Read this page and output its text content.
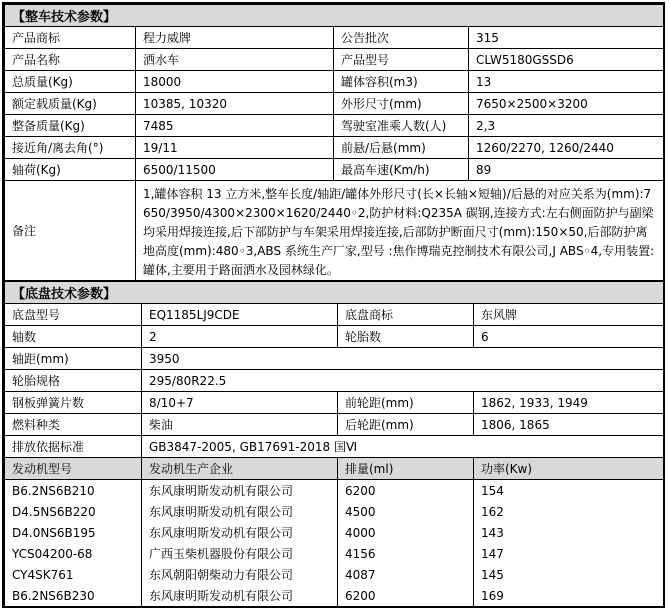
【整车技术参数】			
产品商标	程力威牌	公告批次	315
产品名称	洒水车	产品型号	CLW5180GSSD6
总质量(Kg)	18000	罐体容积(m3)	13
额定载质量(Kg)	10385, 10320	外形尺寸(mm)	7650×2500×3200
整备质量(Kg)	7485	驾驶室准乘人数(人)	2,3
接近角/离去角(°)	19/11	前悬/后悬(mm)	1260/2270, 1260/2440
轴荷(Kg)	6500/11500	最高车速(Km/h)	89
备注	1,罐体容积 13 立方米,整车长度/轴距/罐体外形尺寸(长×长轴×短轴)/后悬的对应关系为(mm):7650/3950/4300×2300×1620/2440◦2,防护材料:Q235A 碳钢,连接方式:左右侧面防护与副梁均采用焊接连接,后下部防护与车架采用焊接连接,后部防护断面尺寸(mm):150×50,后部防护离地高度(mm):480◦3,ABS 系统生产厂家,型号 :焦作博瑞克控制技术有限公司,J ABS◦4,专用装置:罐体,主要用于路面洒水及园林绿化。		
【底盘技术参数】			
底盘型号	EQ1185LJ9CDE	底盘商标	东风牌
轴数	2	轮胎数	6
轴距(mm)	3950		
轮胎规格	295/80R22.5		
钢板弹簧片数	8/10+7	前轮距(mm)	1862, 1933, 1949
燃料种类	柴油	后轮距(mm)	1806, 1865
排放依据标准	GB3847-2005, GB17691-2018 国Ⅵ		
发动机型号	发动机生产企业	排量(ml)	功率(Kw)
B6.2NS6B210	东风康明斯发动机有限公司	6200	154
D4.5NS6B220	东风康明斯发动机有限公司	4500	162
D4.0NS6B195	东风康明斯发动机有限公司	4000	143
YCS04200-68	广西玉柴机器股份有限公司	4156	147
CY4SK761	东风朝阳朝柴动力有限公司	4087	145
B6.2NS6B230	东风康明斯发动机有限公司	6200	169
